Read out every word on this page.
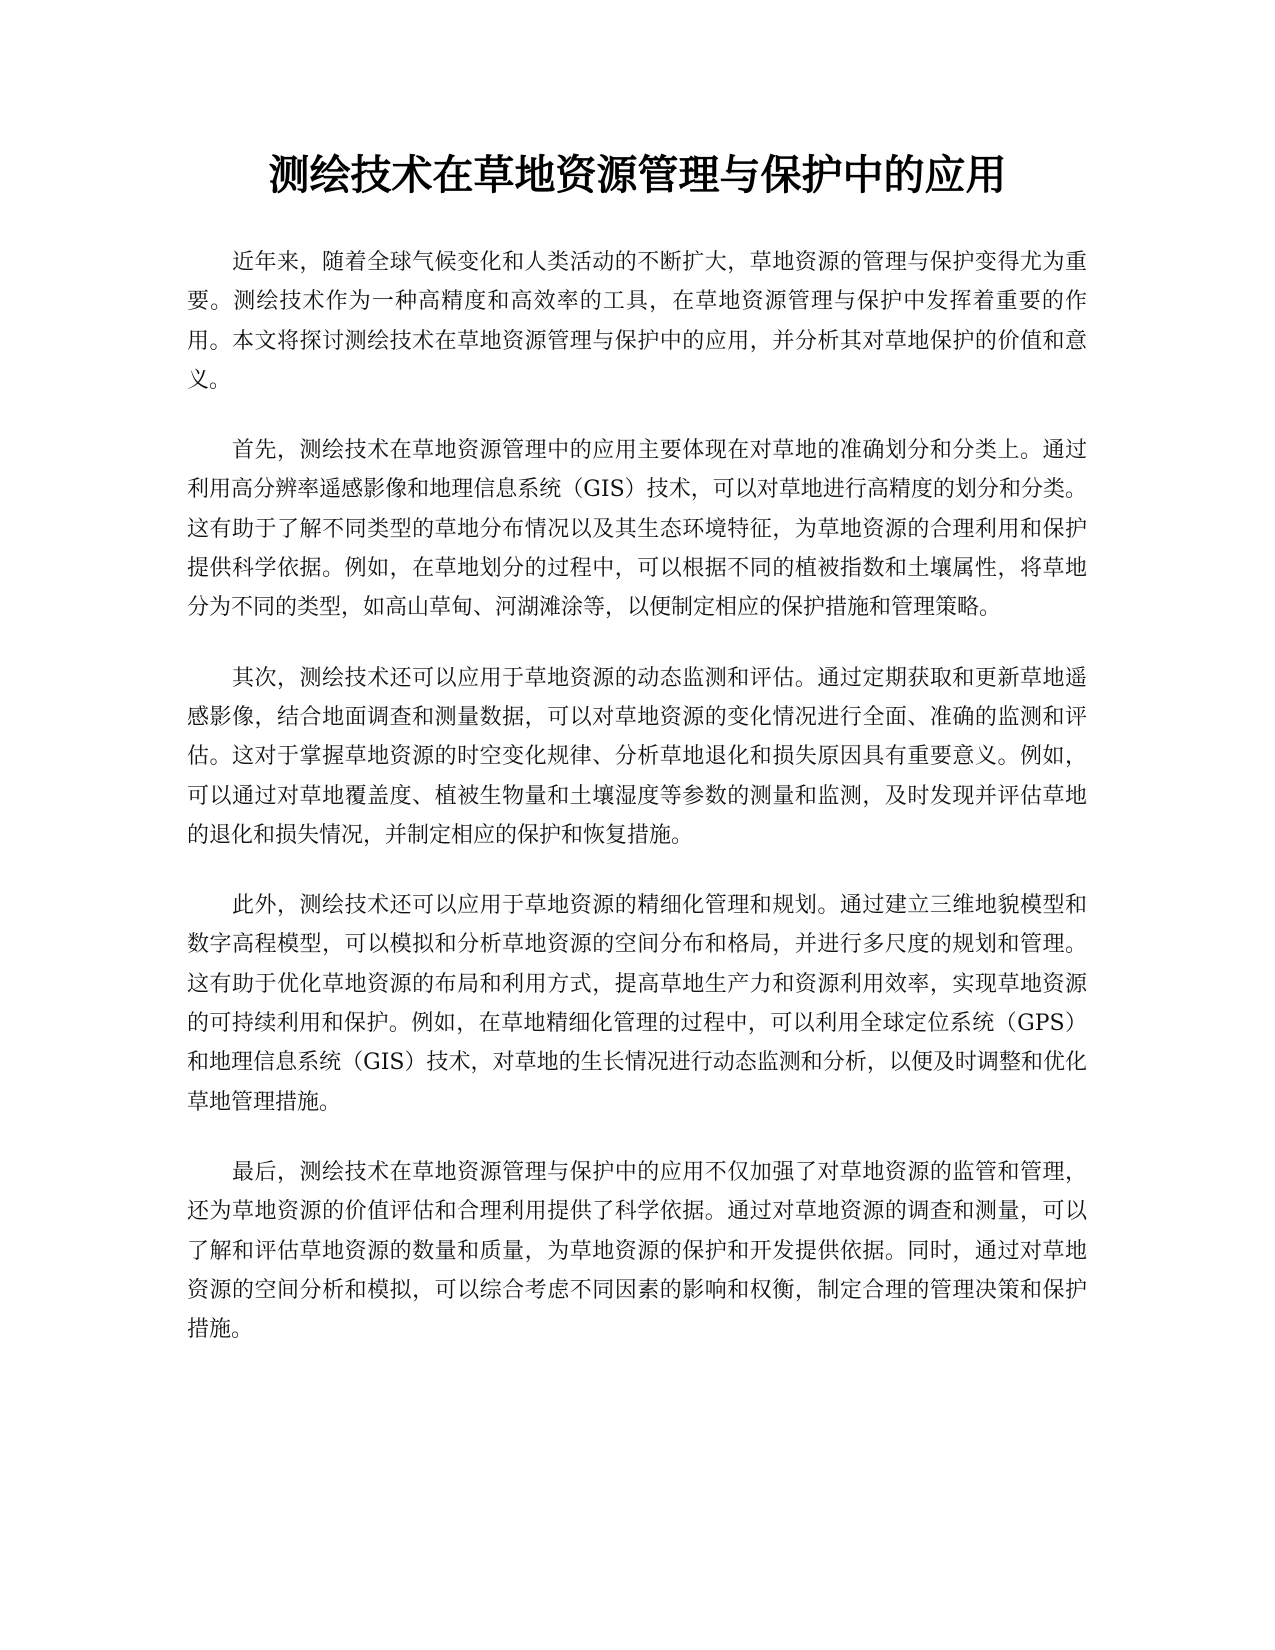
测绘技术在草地资源管理与保护中的应用

近年来，随着全球气候变化和人类活动的不断扩大，草地资源的管理与保护变得尤为重要。测绘技术作为一种高精度和高效率的工具，在草地资源管理与保护中发挥着重要的作用。本文将探讨测绘技术在草地资源管理与保护中的应用，并分析其对草地保护的价值和意义。

首先，测绘技术在草地资源管理中的应用主要体现在对草地的准确划分和分类上。通过利用高分辨率遥感影像和地理信息系统（GIS）技术，可以对草地进行高精度的划分和分类。这有助于了解不同类型的草地分布情况以及其生态环境特征，为草地资源的合理利用和保护提供科学依据。例如，在草地划分的过程中，可以根据不同的植被指数和土壤属性，将草地分为不同的类型，如高山草甸、河湖滩涂等，以便制定相应的保护措施和管理策略。

其次，测绘技术还可以应用于草地资源的动态监测和评估。通过定期获取和更新草地遥感影像，结合地面调查和测量数据，可以对草地资源的变化情况进行全面、准确的监测和评估。这对于掌握草地资源的时空变化规律、分析草地退化和损失原因具有重要意义。例如，可以通过对草地覆盖度、植被生物量和土壤湿度等参数的测量和监测，及时发现并评估草地的退化和损失情况，并制定相应的保护和恢复措施。

此外，测绘技术还可以应用于草地资源的精细化管理和规划。通过建立三维地貌模型和数字高程模型，可以模拟和分析草地资源的空间分布和格局，并进行多尺度的规划和管理。这有助于优化草地资源的布局和利用方式，提高草地生产力和资源利用效率，实现草地资源的可持续利用和保护。例如，在草地精细化管理的过程中，可以利用全球定位系统（GPS）和地理信息系统（GIS）技术，对草地的生长情况进行动态监测和分析，以便及时调整和优化草地管理措施。

最后，测绘技术在草地资源管理与保护中的应用不仅加强了对草地资源的监管和管理，还为草地资源的价值评估和合理利用提供了科学依据。通过对草地资源的调查和测量，可以了解和评估草地资源的数量和质量，为草地资源的保护和开发提供依据。同时，通过对草地资源的空间分析和模拟，可以综合考虑不同因素的影响和权衡，制定合理的管理决策和保护措施。
